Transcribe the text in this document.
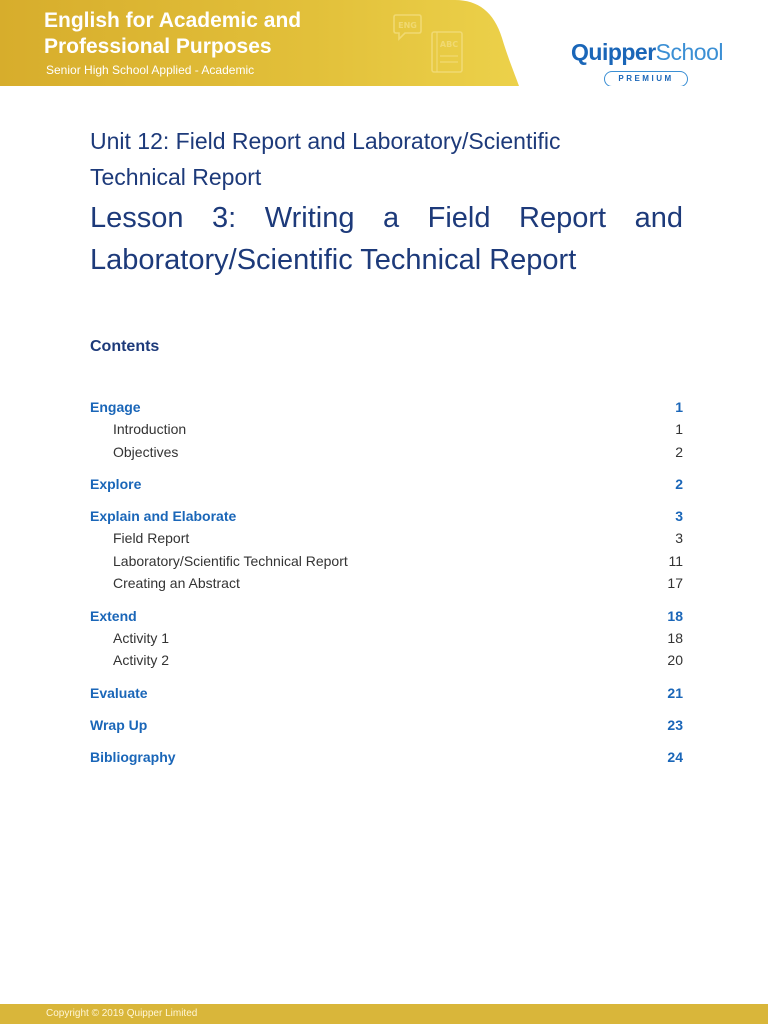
English for Academic and Professional Purposes
Senior High School Applied - Academic
ENG
ABC	QuipperSchool
PREMIUM
Unit 12: Field Report and Laboratory/Scientific Technical Report
Lesson 3: Writing a Field Report and Laboratory/Scientific Technical Report
Contents
Engage	1
Introduction	1
Objectives	2
Explore	2
Explain and Elaborate	3
Field Report	3
Laboratory/Scientific Technical Report	11
Creating an Abstract	17
Extend	18
Activity 1	18
Activity 2	20
Evaluate	21
Wrap Up	23
Bibliography	24
Copyright © 2019 Quipper Limited
